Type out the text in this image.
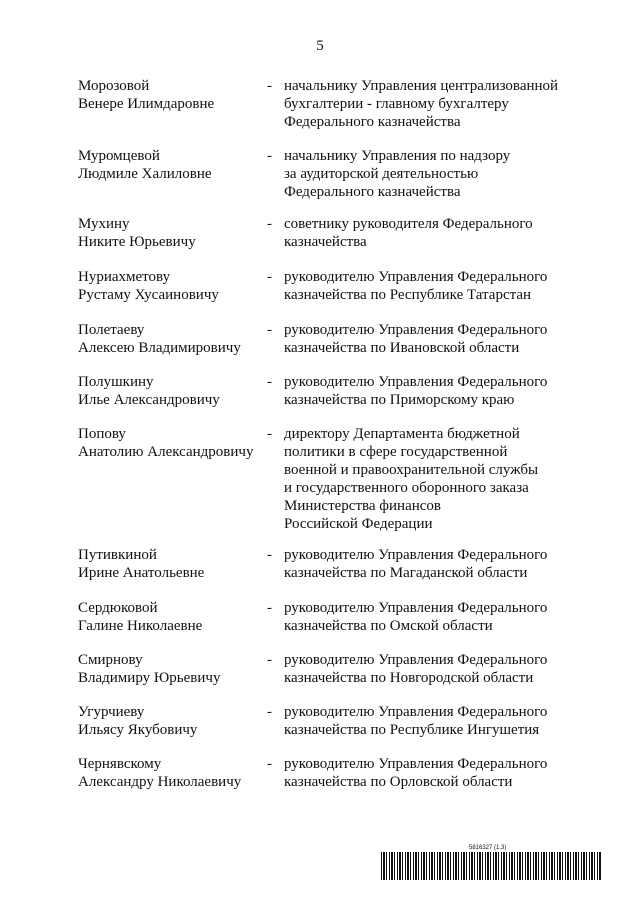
5
Морозовой
Венере Илимдаровне
- начальнику Управления централизованной
бухгалтерии - главному бухгалтеру
Федерального казначейства
Муромцевой
Людмиле Халиловне
- начальнику Управления по надзору
за аудиторской деятельностью
Федерального казначейства
Мухину
Никите Юрьевичу
- советнику руководителя Федерального
казначейства
Нуриахметову
Рустаму Хусаиновичу
- руководителю Управления Федерального
казначейства по Республике Татарстан
Полетаеву
Алексею Владимировичу
- руководителю Управления Федерального
казначейства по Ивановской области
Полушкину
Илье Александровичу
- руководителю Управления Федерального
казначейства по Приморскому краю
Попову
Анатолию Александровичу
- директору Департамента бюджетной
политики в сфере государственной
военной и правоохранительной службы
и государственного оборонного заказа
Министерства финансов
Российской Федерации
Путивкиной
Ирине Анатольевне
- руководителю Управления Федерального
казначейства по Магаданской области
Сердюковой
Галине Николаевне
- руководителю Управления Федерального
казначейства по Омской области
Смирнову
Владимиру Юрьевичу
- руководителю Управления Федерального
казначейства по Новгородской области
Угурчиеву
Ильясу Якубовичу
- руководителю Управления Федерального
казначейства по Республике Ингушетия
Чернявскому
Александру Николаевичу
- руководителю Управления Федерального
казначейства по Орловской области
5816327 (1.3)
